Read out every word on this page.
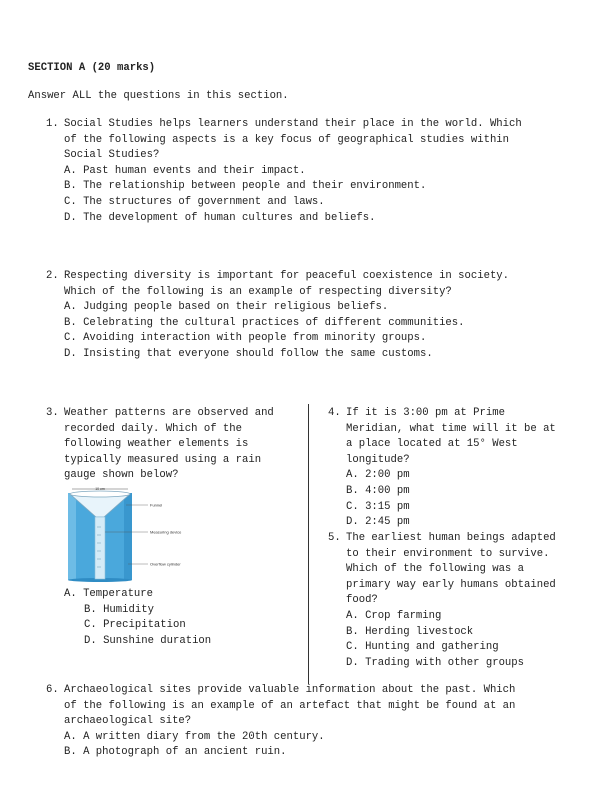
SECTION A (20 marks)
Answer ALL the questions in this section.
1. Social Studies helps learners understand their place in the world. Which
of the following aspects is a key focus of geographical studies within
Social Studies?
A. Past human events and their impact.
B. The relationship between people and their environment.
C. The structures of government and laws.
D. The development of human cultures and beliefs.
2. Respecting diversity is important for peaceful coexistence in society.
Which of the following is an example of respecting diversity?
A. Judging people based on their religious beliefs.
B. Celebrating the cultural practices of different communities.
C. Avoiding interaction with people from minority groups.
D. Insisting that everyone should follow the same customs.
3. Weather patterns are observed and
recorded daily. Which of the
following weather elements is
typically measured using a rain
gauge shown below?
A. Temperature
B. Humidity
C. Precipitation
D. Sunshine duration
10 cm
Funnel
Measuring device
Overflow cylinder
4. If it is 3:00 pm at Prime
Meridian, what time will it be at
a place located at 15° West
longitude?
A. 2:00 pm
B. 4:00 pm
C. 3:15 pm
D. 2:45 pm
5. The earliest human beings adapted
to their environment to survive.
Which of the following was a
primary way early humans obtained
food?
A. Crop farming
B. Herding livestock
C. Hunting and gathering
D. Trading with other groups
6. Archaeological sites provide valuable information about the past. Which
of the following is an example of an artefact that might be found at an
archaeological site?
A. A written diary from the 20th century.
B. A photograph of an ancient ruin.
